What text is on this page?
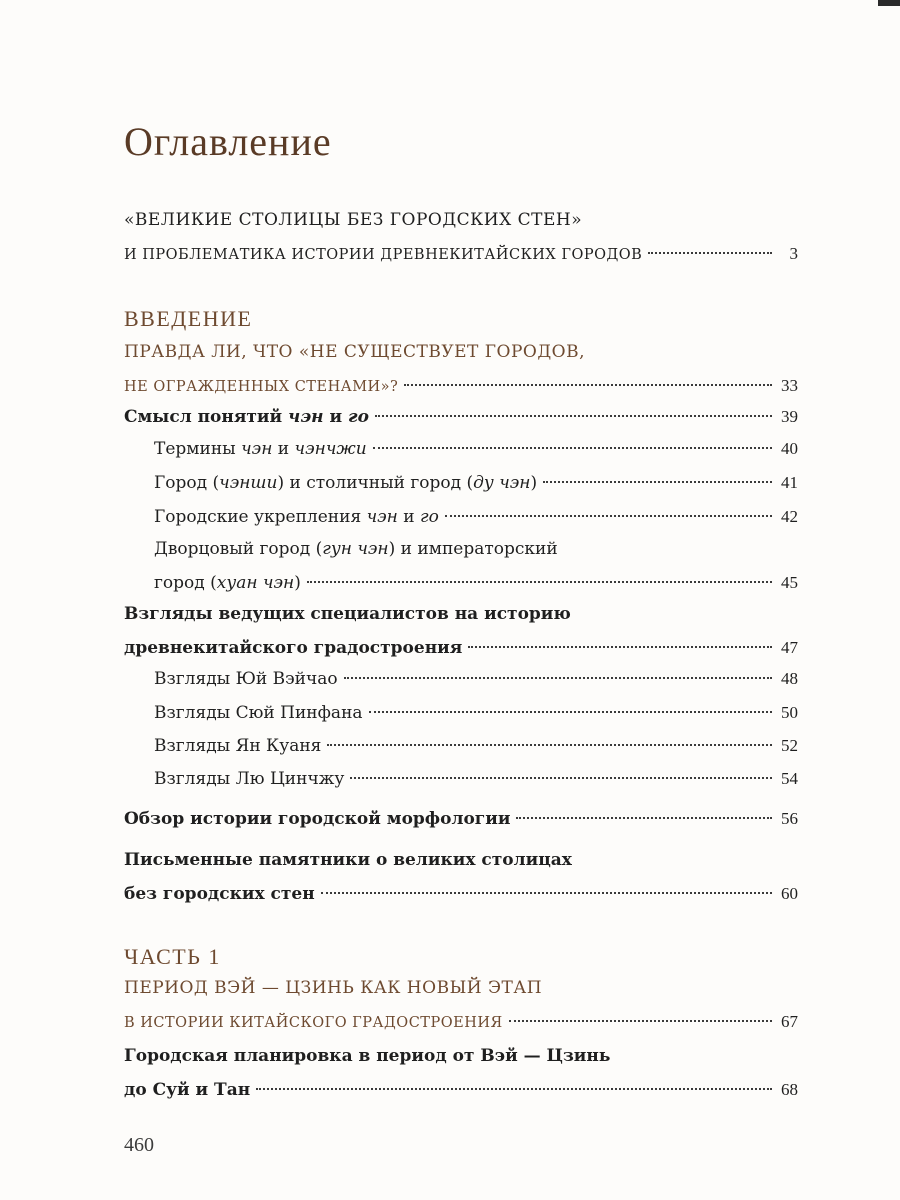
Оглавление
«ВЕЛИКИЕ СТОЛИЦЫ БЕЗ ГОРОДСКИХ СТЕН»
И ПРОБЛЕМАТИКА ИСТОРИИ ДРЕВНЕКИТАЙСКИХ ГОРОДОВ	3
ВВЕДЕНИЕ
ПРАВДА ЛИ, ЧТО «НЕ СУЩЕСТВУЕТ ГОРОДОВ,
НЕ ОГРАЖДЕННЫХ СТЕНАМИ»?	33
Смысл понятий чэн и го	39
Термины чэн и чэнчжи	40
Город (чэнши) и столичный город (ду чэн)	41
Городские укрепления чэн и го	42
Дворцовый город (гун чэн) и императорский
город (хуан чэн)	45
Взгляды ведущих специалистов на историю
древнекитайского градостроения	47
Взгляды Юй Вэйчао	48
Взгляды Сюй Пинфана	50
Взгляды Ян Куаня	52
Взгляды Лю Цинчжу	54
Обзор истории городской морфологии	56
Письменные памятники о великих столицах
без городских стен	60
ЧАСТЬ 1
ПЕРИОД ВЭЙ — ЦЗИНЬ КАК НОВЫЙ ЭТАП
В ИСТОРИИ КИТАЙСКОГО ГРАДОСТРОЕНИЯ	67
Городская планировка в период от Вэй — Цзинь
до Суй и Тан	68
460
